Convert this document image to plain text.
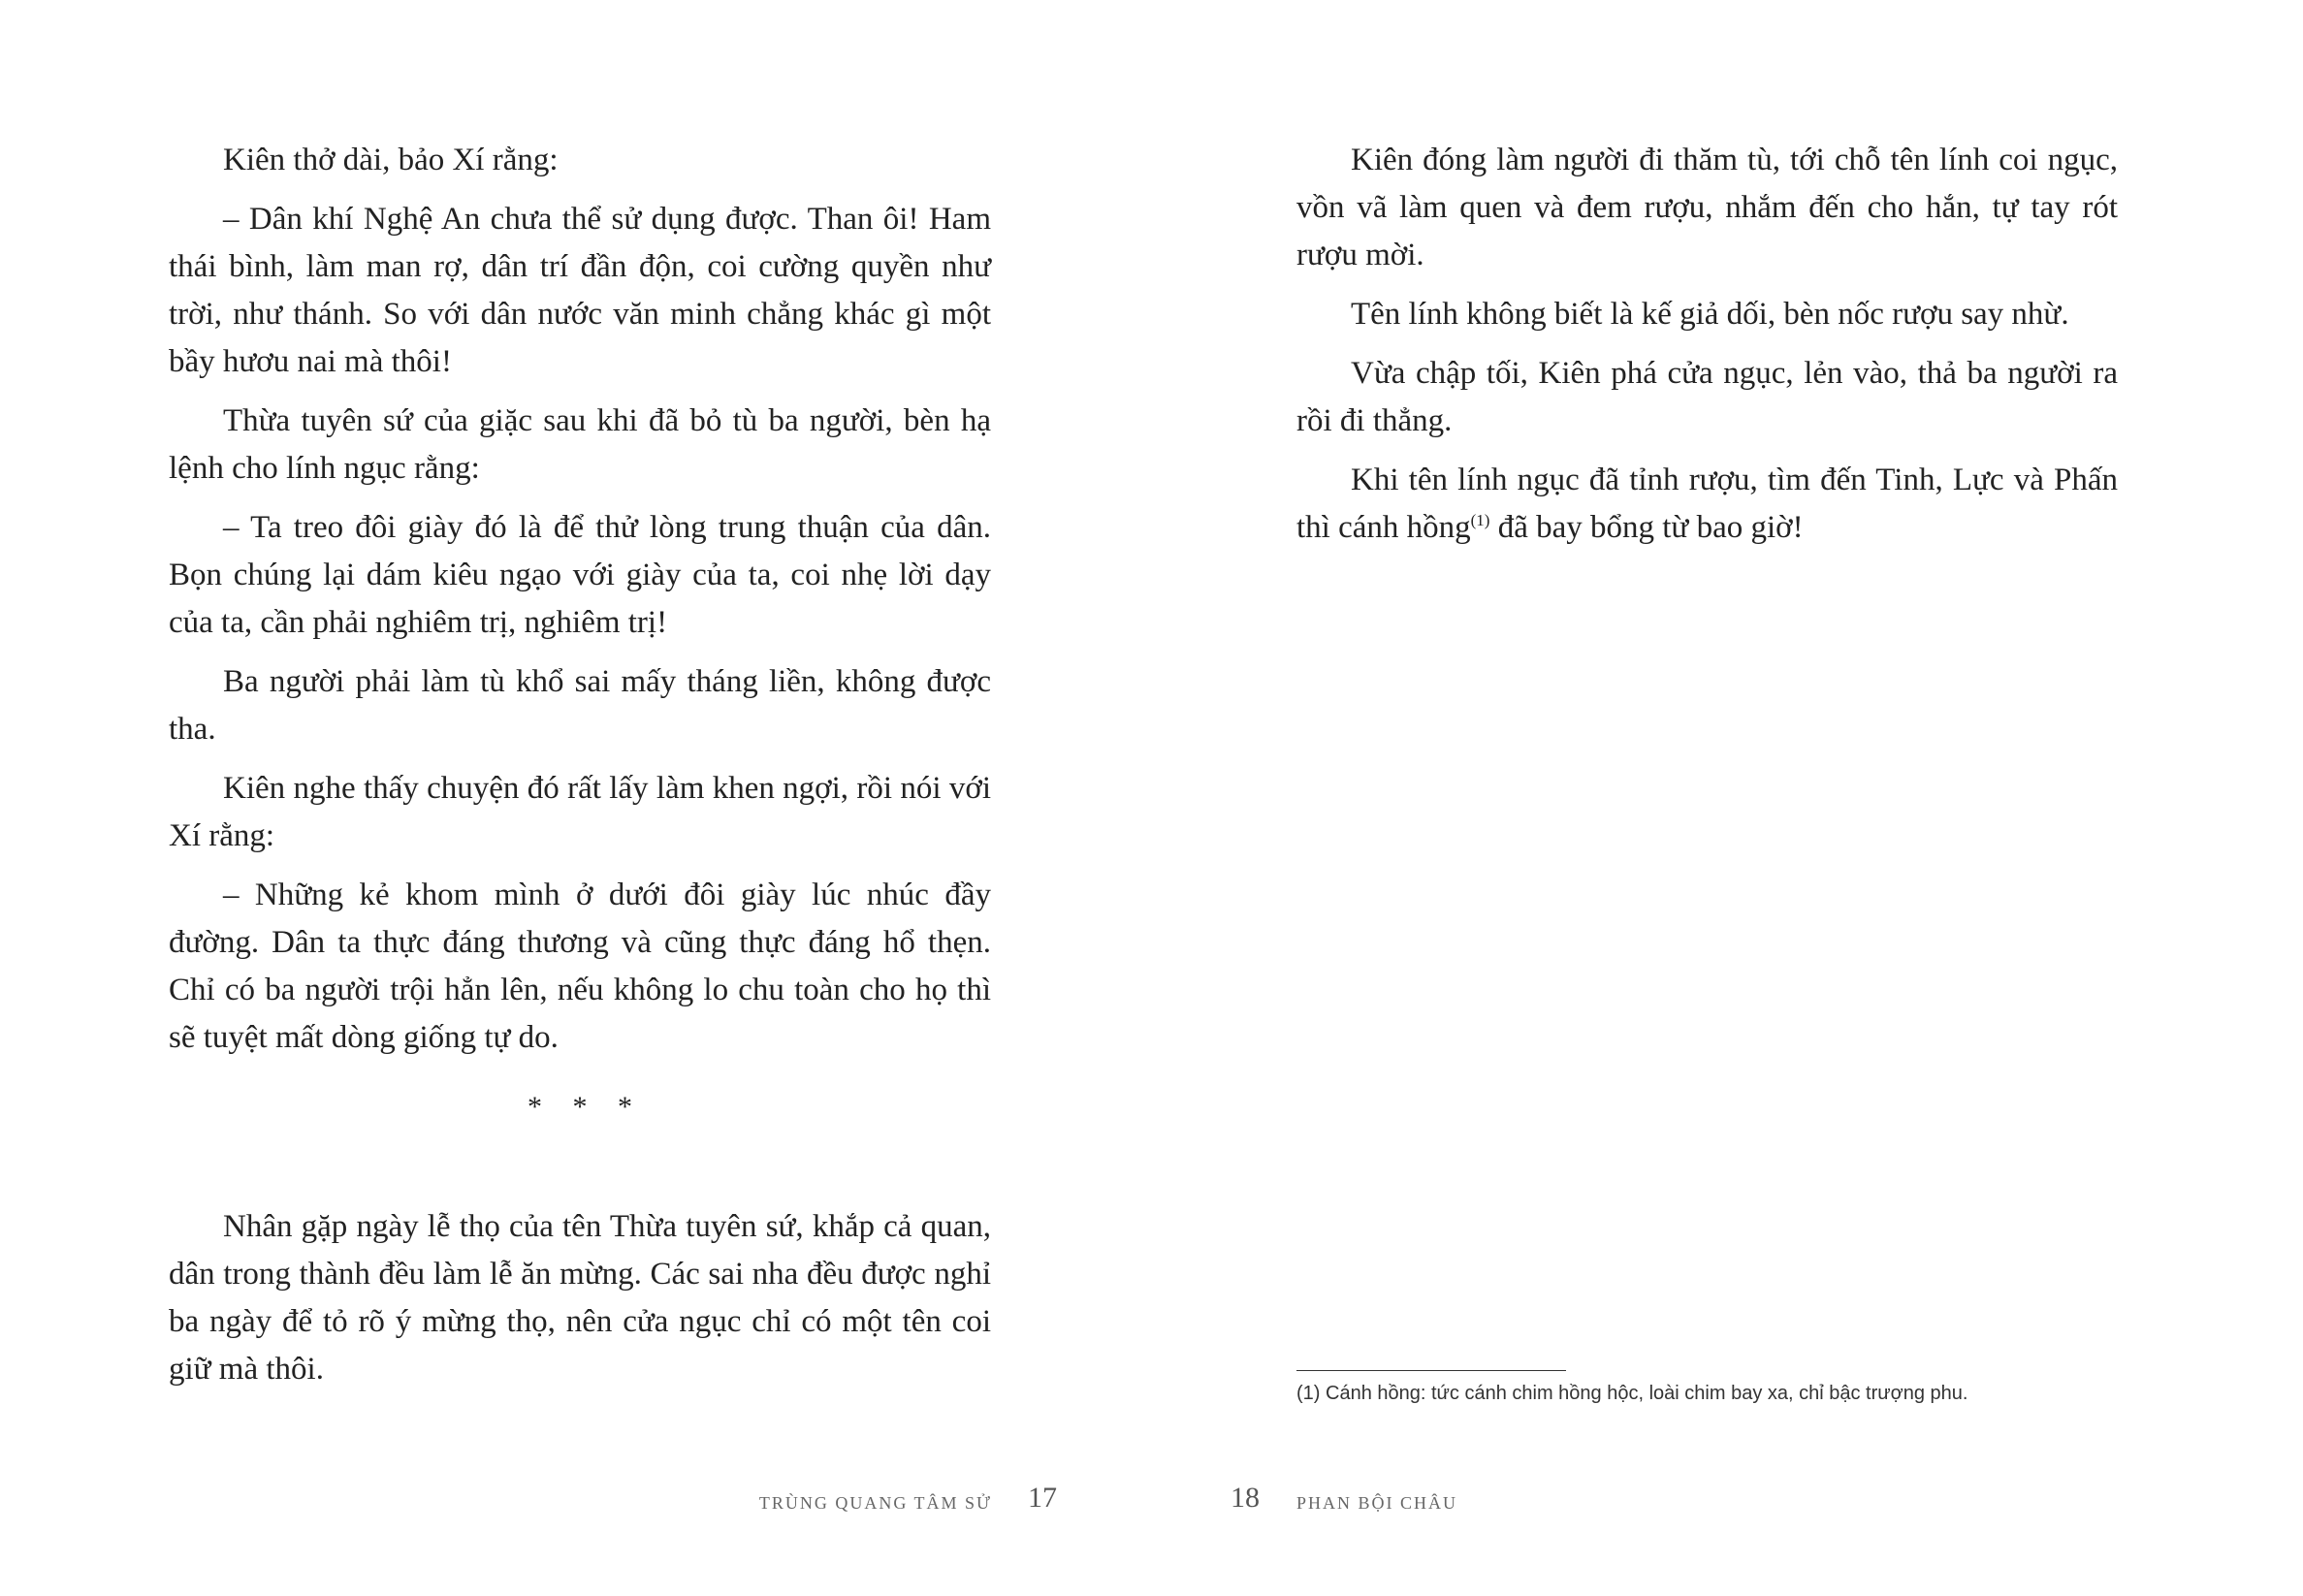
Kiên thở dài, bảo Xí rằng:

– Dân khí Nghệ An chưa thể sử dụng được. Than ôi! Ham thái bình, làm man rợ, dân trí đần độn, coi cường quyền như trời, như thánh. So với dân nước văn minh chẳng khác gì một bầy hươu nai mà thôi!

Thừa tuyên sứ của giặc sau khi đã bỏ tù ba người, bèn hạ lệnh cho lính ngục rằng:

– Ta treo đôi giày đó là để thử lòng trung thuận của dân. Bọn chúng lại dám kiêu ngạo với giày của ta, coi nhẹ lời dạy của ta, cần phải nghiêm trị, nghiêm trị!

Ba người phải làm tù khổ sai mấy tháng liền, không được tha.

Kiên nghe thấy chuyện đó rất lấy làm khen ngợi, rồi nói với Xí rằng:

– Những kẻ khom mình ở dưới đôi giày lúc nhúc đầy đường. Dân ta thực đáng thương và cũng thực đáng hổ thẹn. Chỉ có ba người trội hẳn lên, nếu không lo chu toàn cho họ thì sẽ tuyệt mất dòng giống tự do.

* * *

Nhân gặp ngày lễ thọ của tên Thừa tuyên sứ, khắp cả quan, dân trong thành đều làm lễ ăn mừng. Các sai nha đều được nghỉ ba ngày để tỏ rõ ý mừng thọ, nên cửa ngục chỉ có một tên coi giữ mà thôi.

TRÙNG QUANG TÂM SỬ 17

Kiên đóng làm người đi thăm tù, tới chỗ tên lính coi ngục, vồn vã làm quen và đem rượu, nhắm đến cho hắn, tự tay rót rượu mời.

Tên lính không biết là kế giả dối, bèn nốc rượu say nhừ.

Vừa chập tối, Kiên phá cửa ngục, lẻn vào, thả ba người ra rồi đi thẳng.

Khi tên lính ngục đã tỉnh rượu, tìm đến Tinh, Lực và Phấn thì cánh hồng$^{(1)}$ đã bay bổng từ bao giờ!

(1) Cánh hồng: tức cánh chim hồng hộc, loài chim bay xa, chỉ bậc trượng phu.
18 PHAN BỘI CHÂU
